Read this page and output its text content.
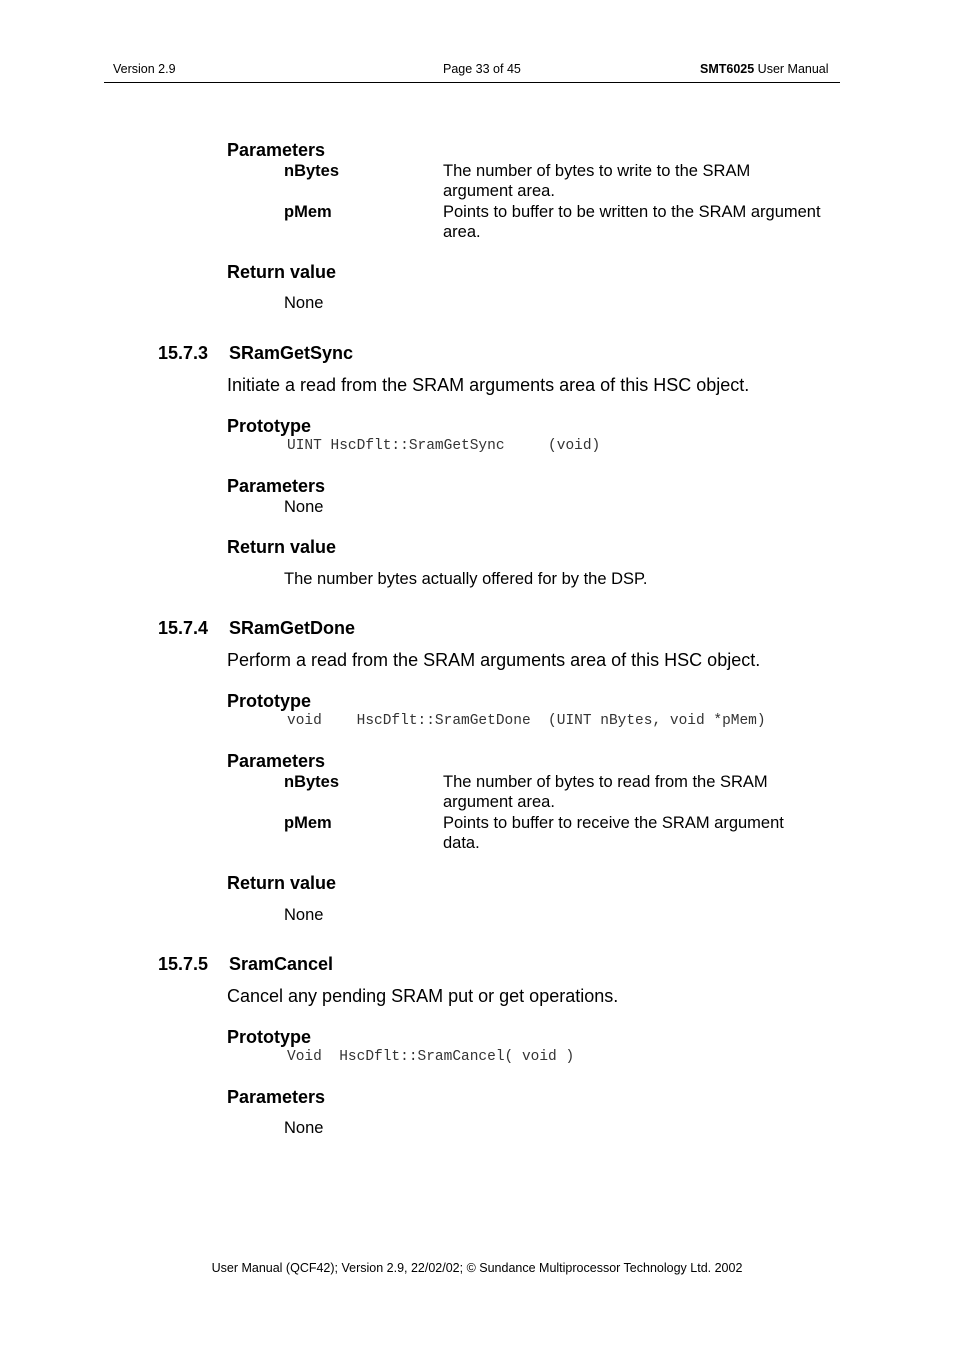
Version 2.9	Page 33 of 45	SMT6025 User Manual
Parameters
nBytes	The number of bytes to write to the SRAM argument area.
pMem	Points to buffer to be written to the SRAM argument area.
Return value
None
15.7.3 SRamGetSync
Initiate a read from the SRAM arguments area of this HSC object.
Prototype
UINT HscDflt::SramGetSync     (void)
Parameters
None
Return value
The number bytes actually offered for by the DSP.
15.7.4 SRamGetDone
Perform a read from the SRAM arguments area of this HSC object.
Prototype
void    HscDflt::SramGetDone  (UINT nBytes, void *pMem)
Parameters
nBytes	The number of bytes to read from the SRAM argument area.
pMem	Points to buffer to receive the SRAM argument data.
Return value
None
15.7.5 SramCancel
Cancel any pending SRAM put or get operations.
Prototype
Void  HscDflt::SramCancel( void )
Parameters
None
User Manual (QCF42); Version 2.9, 22/02/02; © Sundance Multiprocessor Technology Ltd. 2002
